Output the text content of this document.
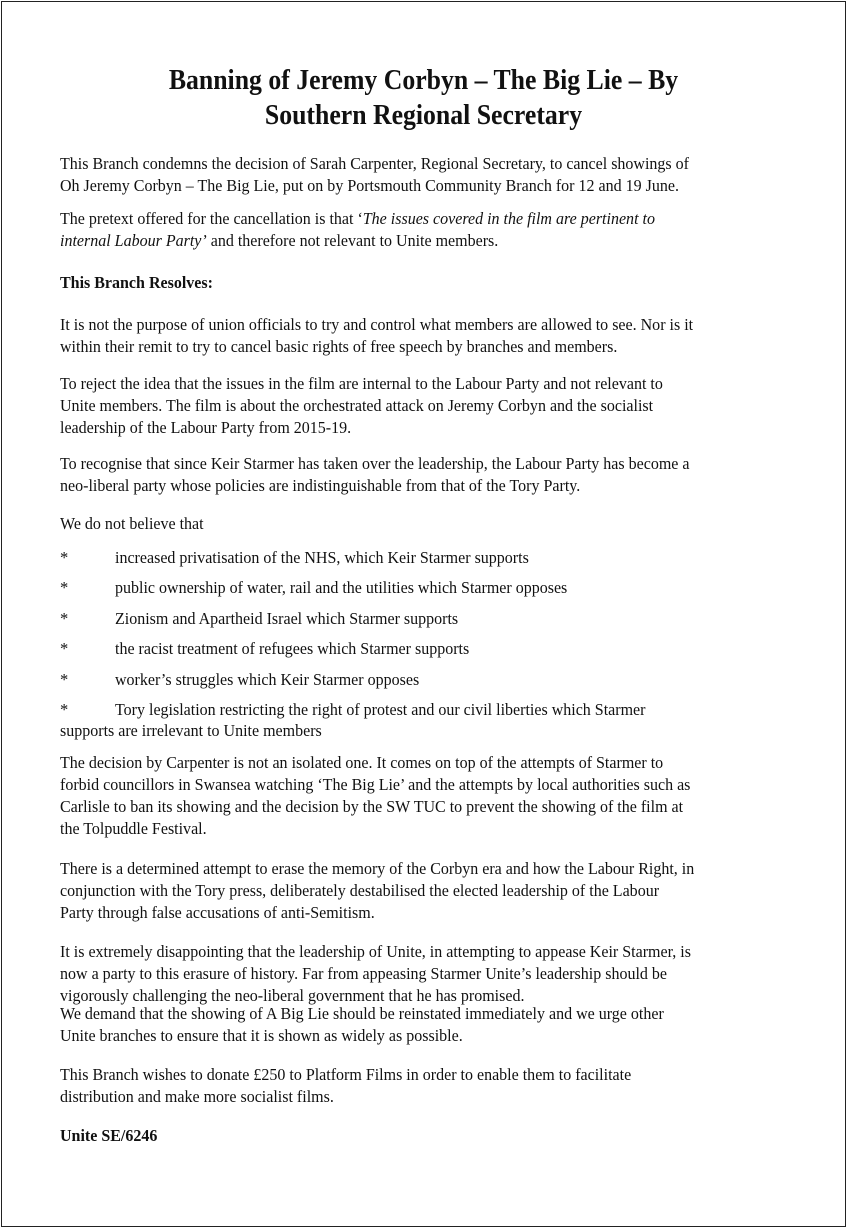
Banning of Jeremy Corbyn – The Big Lie – By
Southern Regional Secretary
This Branch condemns the decision of Sarah Carpenter, Regional Secretary, to cancel showings of
Oh Jeremy Corbyn – The Big Lie, put on by Portsmouth Community Branch for 12 and 19 June.
The pretext offered for the cancellation is that ‘The issues covered in the film are pertinent to
internal Labour Party’ and therefore not relevant to Unite members.
This Branch Resolves:
It is not the purpose of union officials to try and control what members are allowed to see. Nor is it
within their remit to try to cancel basic rights of free speech by branches and members.
To reject the idea that the issues in the film are internal to the Labour Party and not relevant to
Unite members. The film is about the orchestrated attack on Jeremy Corbyn and the socialist
leadership of the Labour Party from 2015-19.
To recognise that since Keir Starmer has taken over the leadership, the Labour Party has become a
neo-liberal party whose policies are indistinguishable from that of the Tory Party.
We do not believe that
*	increased privatisation of the NHS, which Keir Starmer supports
*	public ownership of water, rail and the utilities which Starmer opposes
*	Zionism and Apartheid Israel which Starmer supports
*	the racist treatment of refugees which Starmer supports
*	worker’s struggles which Keir Starmer opposes
*	Tory legislation restricting the right of protest and our civil liberties which Starmer
supports are irrelevant to Unite members
The decision by Carpenter is not an isolated one. It comes on top of the attempts of Starmer to
forbid councillors in Swansea watching ‘The Big Lie’ and the attempts by local authorities such as
Carlisle to ban its showing and the decision by the SW TUC to prevent the showing of the film at
the Tolpuddle Festival.
There is a determined attempt to erase the memory of the Corbyn era and how the Labour Right, in
conjunction with the Tory press, deliberately destabilised the elected leadership of the Labour
Party through false accusations of anti-Semitism.
It is extremely disappointing that the leadership of Unite, in attempting to appease Keir Starmer, is
now a party to this erasure of history. Far from appeasing Starmer Unite’s leadership should be
vigorously challenging the neo-liberal government that he has promised.
We demand that the showing of A Big Lie should be reinstated immediately and we urge other
Unite branches to ensure that it is shown as widely as possible.
This Branch wishes to donate £250 to Platform Films in order to enable them to facilitate
distribution and make more socialist films.
Unite SE/6246
